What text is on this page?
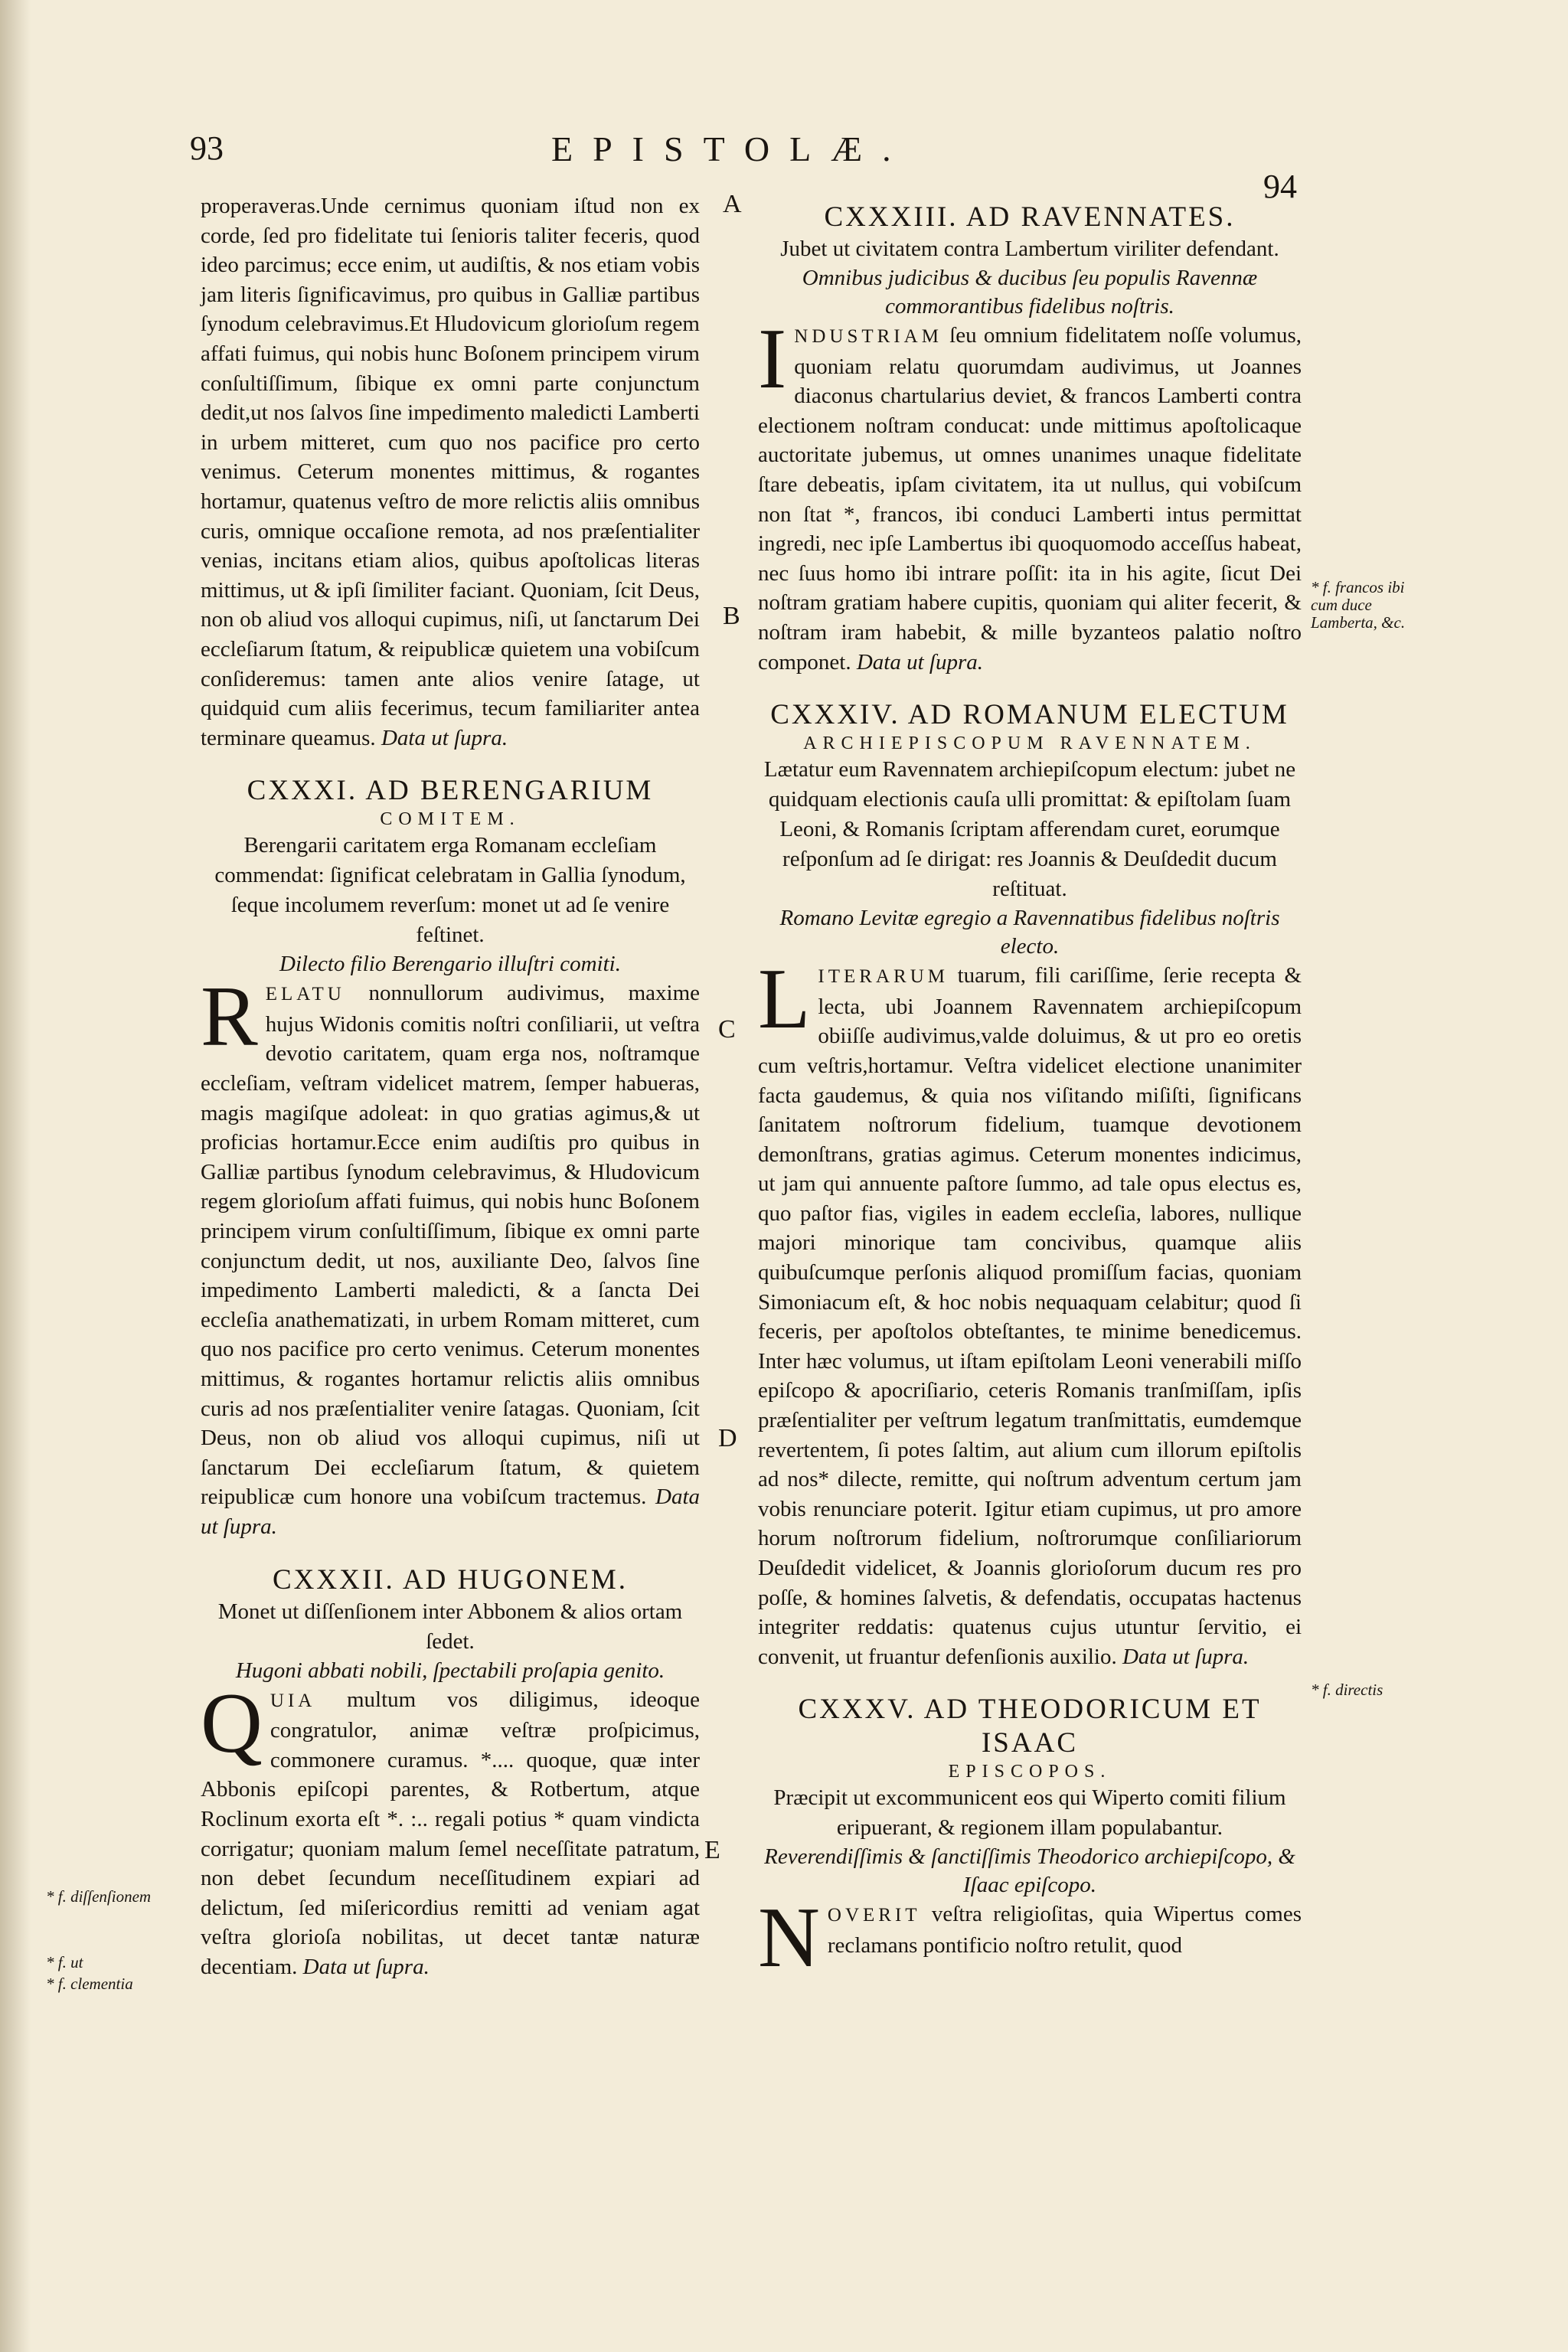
93	EPISTOLÆ.
94

properaveras.Unde cernimus quoniam iſtud non ex corde, ſed pro fidelitate tui ſenioris taliter feceris, quod ideo parcimus; ecce enim, ut audiſtis, & nos etiam vobis jam literis ſignificavimus, pro quibus in Galliæ partibus ſynodum celebravimus.Et Hludovicum glorioſum regem affati fuimus, qui nobis hunc Boſonem principem virum conſultiſſimum, ſibique ex omni parte conjunctum dedit,ut nos ſalvos ſine impedimento maledicti Lamberti in urbem mitteret, cum quo nos pacifice pro certo venimus. Ceterum monentes mittimus, & rogantes hortamur, quatenus veſtro de more relictis aliis omnibus curis, omnique occaſione remota, ad nos præſentialiter venias, incitans etiam alios, quibus apoſtolicas literas mittimus, ut & ipſi ſimiliter faciant. Quoniam, ſcit Deus, non ob aliud vos alloqui cupimus, niſi, ut ſanctarum Dei eccleſiarum ſtatum, & reipublicæ quietem una vobiſcum conſideremus: tamen ante alios venire ſatage, ut quidquid cum aliis fecerimus, tecum familiariter antea terminare queamus. Data ut ſupra.

CXXXI. AD BERENGARIUM
COMITEM.

Berengarii caritatem erga Romanam eccleſiam commendat: ſignificat celebratam in Gallia ſynodum, ſeque incolumem reverſum: monet ut ad ſe venire feſtinet.

Dilecto filio Berengario illuſtri comiti.

R ELATU nonnullorum audivimus, maxime hujus Widonis comitis noſtri conſiliarii, ut veſtra devotio caritatem, quam erga nos, noſtramque eccleſiam, veſtram videlicet matrem, ſemper habueras, magis magiſque adoleat: in quo gratias agimus,& ut proficias hortamur.Ecce enim audiſtis pro quibus in Galliæ partibus ſynodum celebravimus, & Hludovicum regem glorioſum affati fuimus, qui nobis hunc Boſonem principem virum conſultiſſimum, ſibique ex omni parte conjunctum dedit, ut nos, auxiliante Deo, ſalvos ſine impedimento Lamberti maledicti, & a ſancta Dei eccleſia anathematizati, in urbem Romam mitteret, cum quo nos pacifice pro certo venimus. Ceterum monentes mittimus, & rogantes hortamur relictis aliis omnibus curis ad nos præſentialiter venire ſatagas. Quoniam, ſcit Deus, non ob aliud vos alloqui cupimus, niſi ut ſanctarum Dei eccleſiarum ſtatum, & quietem reipublicæ cum honore una vobiſcum tractemus. Data ut ſupra.

CXXXII. AD HUGONEM.

Monet ut diſſenſionem inter Abbonem & alios ortam ſedet.

Hugoni abbati nobili, ſpectabili proſapia genito.

Q UIA multum vos diligimus, ideoque congratulor, animæ veſtræ proſpicimus, commonere curamus. *.... quoque, quæ inter Abbonis epiſcopi parentes, & Rotbertum, atque Roclinum exorta eſt *. :.. regali potius * quam vindicta corrigatur; quoniam malum ſemel neceſſitate patratum, non debet ſecundum neceſſitudinem expiari ad delictum, ſed miſericordius remitti ad veniam agat veſtra glorioſa nobilitas, ut decet tantæ naturæ decentiam. Data ut ſupra.

CXXXIII. AD RAVENNATES.

Jubet ut civitatem contra Lambertum viriliter defendant.

Omnibus judicibus & ducibus ſeu populis Ravennæ commorantibus fidelibus noſtris.

I NDUSTRIAM ſeu omnium fidelitatem noſſe volumus, quoniam relatu quorumdam audivimus, ut Joannes diaconus chartularius deviet, & francos Lamberti contra electionem noſtram conducat: unde mittimus apoſtolicaque auctoritate jubemus, ut omnes unanimes unaque fidelitate ſtare debeatis, ipſam civitatem, ita ut nullus, qui vobiſcum non ſtat *, francos, ibi conduci Lamberti intus permittat ingredi, nec ipſe Lambertus ibi quoquomodo acceſſus habeat, nec ſuus homo ibi intrare poſſit: ita in his agite, ſicut Dei noſtram gratiam habere cupitis, quoniam qui aliter fecerit, & noſtram iram habebit, & mille byzanteos palatio noſtro componet. Data ut ſupra.

CXXXIV. AD ROMANUM ELECTUM
ARCHIEPISCOPUM RAVENNATEM.

Lætatur eum Ravennatem archiepiſcopum electum: jubet ne quidquam electionis cauſa ulli promittat: & epiſtolam ſuam Leoni, & Romanis ſcriptam afferendam curet, eorumque reſponſum ad ſe dirigat: res Joannis & Deuſdedit ducum reſtituat.

Romano Levitæ egregio a Ravennatibus fidelibus noſtris electo.

L ITERARUM tuarum, fili cariſſime, ſerie recepta & lecta, ubi Joannem Ravennatem archiepiſcopum obiiſſe audivimus,valde doluimus, & ut pro eo oretis cum veſtris,hortamur. Veſtra videlicet electione unanimiter facta gaudemus, & quia nos viſitando miſiſti, ſignificans ſanitatem noſtrorum fidelium, tuamque devotionem demonſtrans, gratias agimus. Ceterum monentes indicimus, ut jam qui annuente paſtore ſummo, ad tale opus electus es, quo paſtor fias, vigiles in eadem eccleſia, labores, nullique majori minorique tam concivibus, quamque aliis quibuſcumque perſonis aliquod promiſſum facias, quoniam Simoniacum eſt, & hoc nobis nequaquam celabitur; quod ſi feceris, per apoſtolos obteſtantes, te minime benedicemus. Inter hæc volumus, ut iſtam epiſtolam Leoni venerabili miſſo epiſcopo & apocriſiario, ceteris Romanis tranſmiſſam, ipſis præſentialiter per veſtrum legatum tranſmittatis, eumdemque revertentem, ſi potes ſaltim, aut alium cum illorum epiſtolis ad nos* dilecte, remitte, qui noſtrum adventum certum jam vobis renunciare poterit. Igitur etiam cupimus, ut pro amore horum noſtrorum fidelium, noſtrorumque conſiliariorum Deuſdedit videlicet, & Joannis glorioſorum ducum res pro poſſe, & homines ſalvetis, & defendatis, occupatas hactenus integriter reddatis: quatenus cujus utuntur ſervitio, ei convenit, ut fruantur defenſionis auxilio. Data ut ſupra.

CXXXV. AD THEODORICUM ET ISAAC
EPISCOPOS.

Præcipit ut excommunicent eos qui Wiperto comiti filium eripuerant, & regionem illam populabantur.

Reverendiſſimis & ſanctiſſimis Theodorico archiepiſcopo, & Iſaac epiſcopo.

N OVERIT veſtra religioſitas, quia Wipertus comes reclamans pontificio noſtro retulit, quod

A
B
C
D
E
* f. francos ibi cum duce Lamberta, &c.
* f. directis
* f. diſſenſionem
* f. ut
* f. clementia
